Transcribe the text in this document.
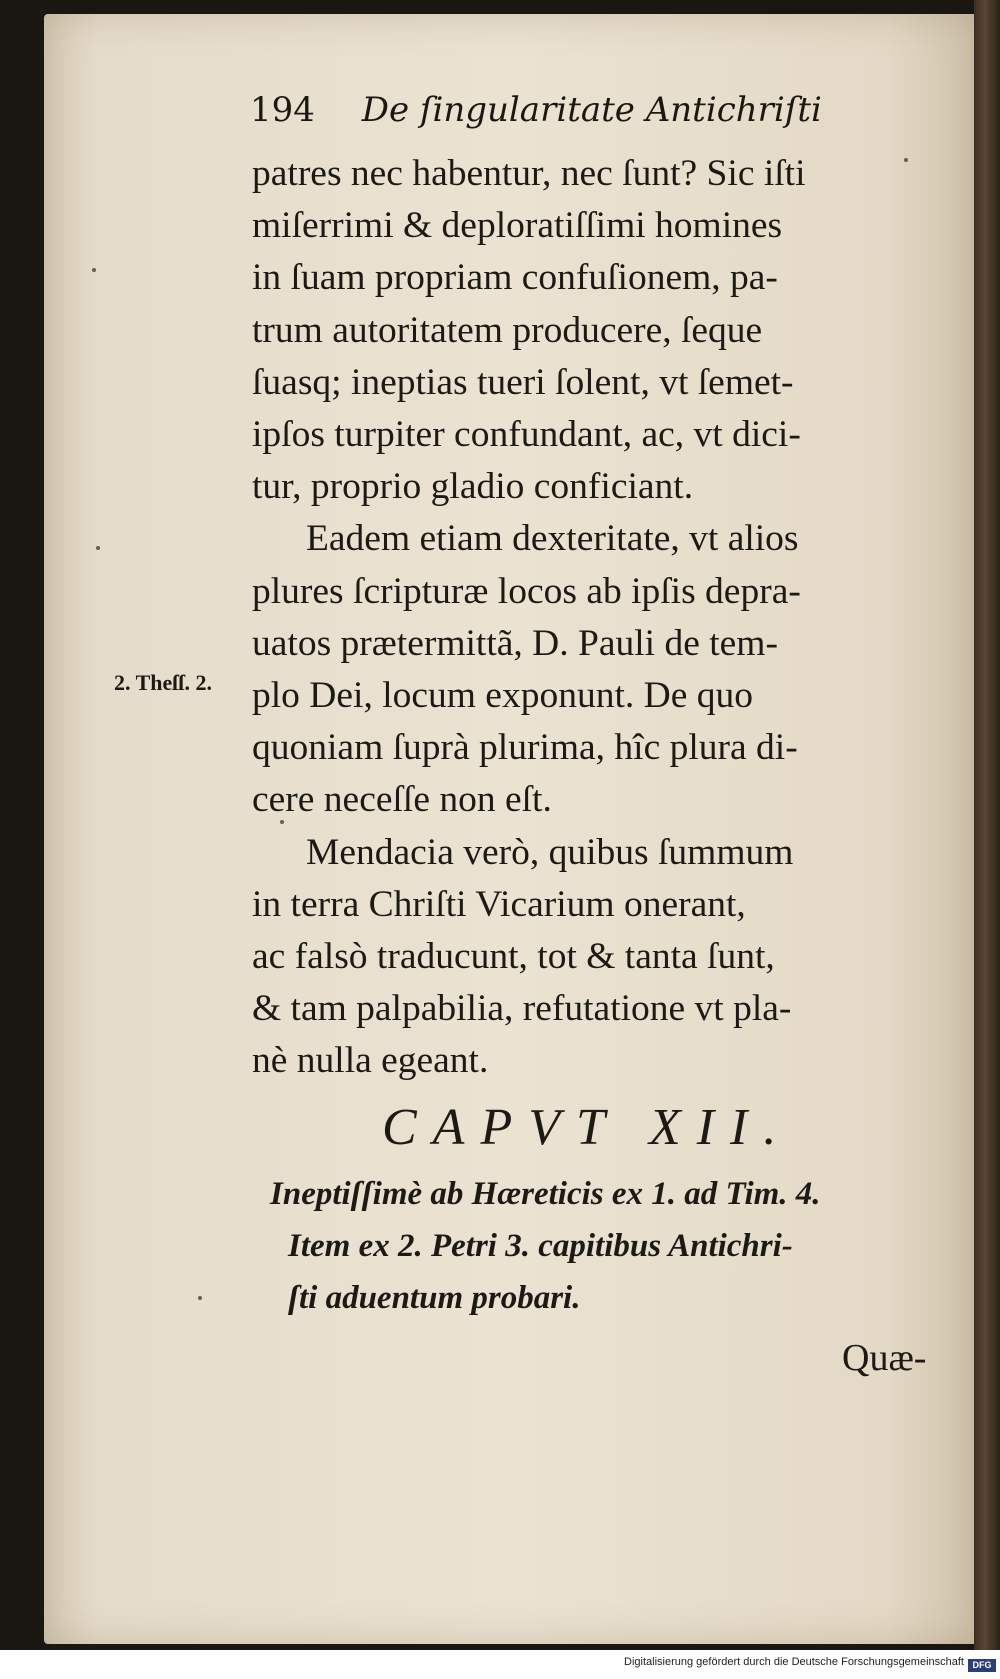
194 De ſingularitate Antichriſti
patres nec habentur, nec ſunt? Sic iſti
miſerrimi & deploratiſſimi homines
in ſuam propriam confuſionem, pa-
trum autoritatem producere, ſeque
ſuasq; ineptias tueri ſolent, vt ſemet-
ipſos turpiter confundant, ac, vt dici-
tur, proprio gladio conficiant.
Eadem etiam dexteritate, vt alios
plures ſcripturæ locos ab ipſis depra-
uatos prætermittã, D. Pauli de tem-
plo Dei, locum exponunt. De quo
quoniam ſuprà plurima, hîc plura di-
cere neceſſe non eſt.
Mendacia verò, quibus ſummum
in terra Chriſti Vicarium onerant,
ac falsò traducunt, tot & tanta ſunt,
& tam palpabilia, refutatione vt pla-
nè nulla egeant.
2. Theſſ. 2.
CAPVT XII.
Ineptiſſimè ab Hæreticis ex 1. ad Tim. 4.
Item ex 2. Petri 3. capitibus Antichri-
ſti aduentum probari.
Quæ-
Digitalisierung gefördert durch die Deutsche Forschungsgemeinschaft DFG
